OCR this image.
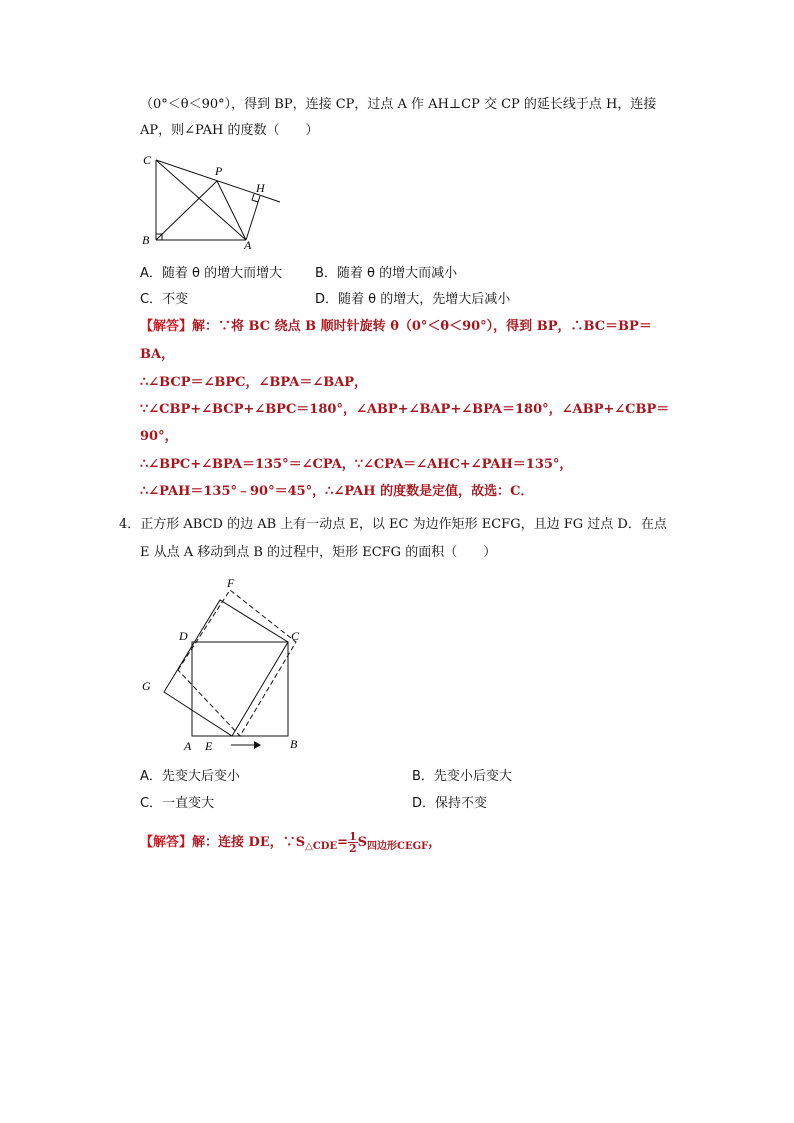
（0°＜θ＜90°），得到 BP，连接 CP，过点 A 作 AH⊥CP 交 CP 的延长线于点 H，连接
AP，则∠PAH 的度数（　　）
C
P
H
B	A
A．随着 θ 的增大而增大	B．随着 θ 的增大而减小
C．不变	D．随着 θ 的增大，先增大后减小
【解答】解：∵将 BC 绕点 B 顺时针旋转 θ（0°＜θ＜90°），得到 BP，∴BC＝BP＝
BA，
∴∠BCP＝∠BPC，∠BPA＝∠BAP，
∵∠CBP+∠BCP+∠BPC＝180°，∠ABP+∠BAP+∠BPA＝180°，∠ABP+∠CBP＝
90°，
∴∠BPC+∠BPA＝135°＝∠CPA，∵∠CPA＝∠AHC+∠PAH＝135°，
∴∠PAH＝135°﹣90°＝45°，∴∠PAH 的度数是定值，故选：C．
4．正方形 ABCD 的边 AB 上有一动点 E，以 EC 为边作矩形 ECFG，且边 FG 过点 D．在点
E 从点 A 移动到点 B 的过程中，矩形 ECFG 的面积（　　）
F
D	C
G
A E	B
A．先变大后变小	B．先变小后变大
C．一直变大	D．保持不变
【解答】解：连接 DE，$\because S_{\triangle CDE}= \frac{1}{2} S_{四边形CEGF}$，
